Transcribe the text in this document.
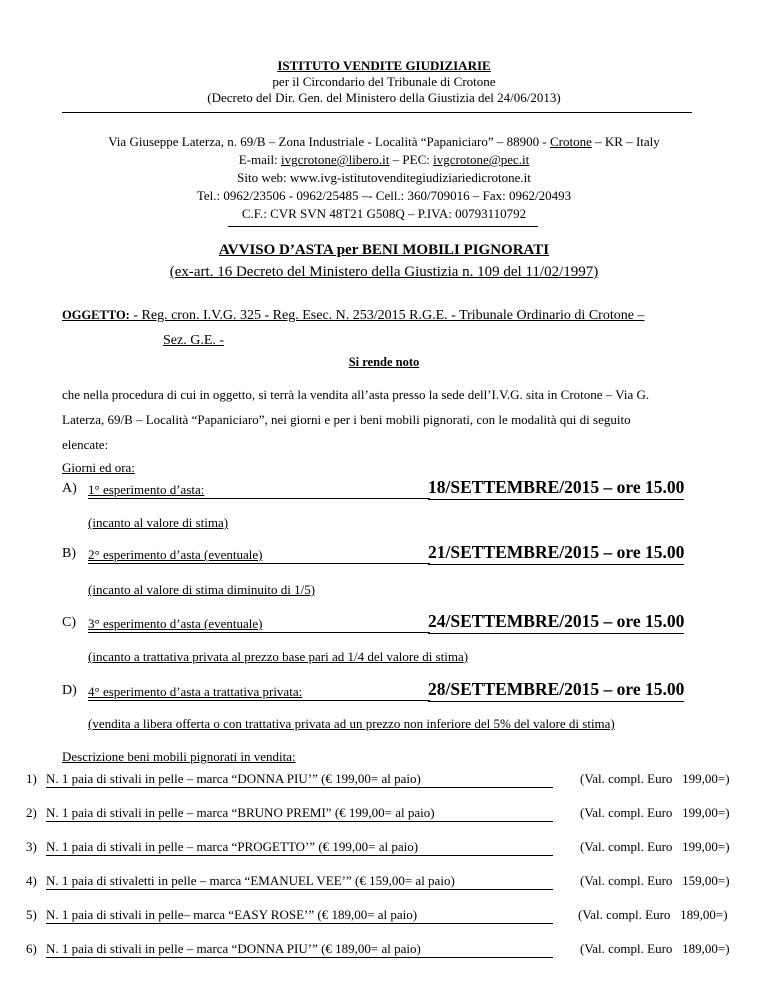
ISTITUTO VENDITE GIUDIZIARIE
per il Circondario del Tribunale di Crotone
(Decreto del Dir. Gen. del Ministero della Giustizia del 24/06/2013)
Via Giuseppe Laterza, n. 69/B – Zona Industriale - Località “Papaniciaro” – 88900 - Crotone – KR – Italy
E-mail: ivgcrotone@libero.it – PEC: ivgcrotone@pec.it
Sito web: www.ivg-istitutovenditegiudiziariedicrotone.it
Tel.: 0962/23506 - 0962/25485 –- Cell.: 360/709016 – Fax: 0962/20493
C.F.: CVR SVN 48T21 G508Q – P.IVA: 00793110792
AVVISO D’ASTA per BENI MOBILI PIGNORATI
(ex-art. 16 Decreto del Ministero della Giustizia n. 109 del 11/02/1997)
OGGETTO: - Reg. cron. I.V.G. 325 - Reg. Esec. N. 253/2015 R.G.E. - Tribunale Ordinario di Crotone –
Sez. G.E. -
Si rende noto
che nella procedura di cui in oggetto, si terrà la vendita all’asta presso la sede dell’I.V.G. sita in Crotone – Via G.
Laterza, 69/B – Località “Papaniciaro”, nei giorni e per i beni mobili pignorati, con le modalità qui di seguito
elencate:
Giorni ed ora:
A) 1° esperimento d’asta:	18/SETTEMBRE/2015 – ore 15.00
(incanto al valore di stima)
B) 2° esperimento d’asta (eventuale)	21/SETTEMBRE/2015 – ore 15.00
(incanto al valore di stima diminuito di 1/5)
C) 3° esperimento d’asta (eventuale)	24/SETTEMBRE/2015 – ore 15.00
(incanto a trattativa privata al prezzo base pari ad 1/4 del valore di stima)
D) 4° esperimento d’asta a trattativa privata:	28/SETTEMBRE/2015 – ore 15.00
(vendita a libera offerta o con trattativa privata ad un prezzo non inferiore del 5% del valore di stima)
Descrizione beni mobili pignorati in vendita:
1) N. 1 paia di stivali in pelle – marca “DONNA PIU’” (€ 199,00= al paio)	(Val. compl. Euro   199,00=)
2) N. 1 paia di stivali in pelle – marca “BRUNO PREMI” (€ 199,00= al paio)	(Val. compl. Euro   199,00=)
3) N. 1 paia di stivali in pelle – marca “PROGETTO’” (€ 199,00= al paio)	(Val. compl. Euro   199,00=)
4) N. 1 paia di stivaletti in pelle – marca “EMANUEL VEE’” (€ 159,00= al paio)	(Val. compl. Euro   159,00=)
5) N. 1 paia di stivali in pelle– marca “EASY ROSE’” (€ 189,00= al paio)	(Val. compl. Euro   189,00=)
6) N. 1 paia di stivali in pelle – marca “DONNA PIU’” (€ 189,00= al paio)	(Val. compl. Euro   189,00=)
